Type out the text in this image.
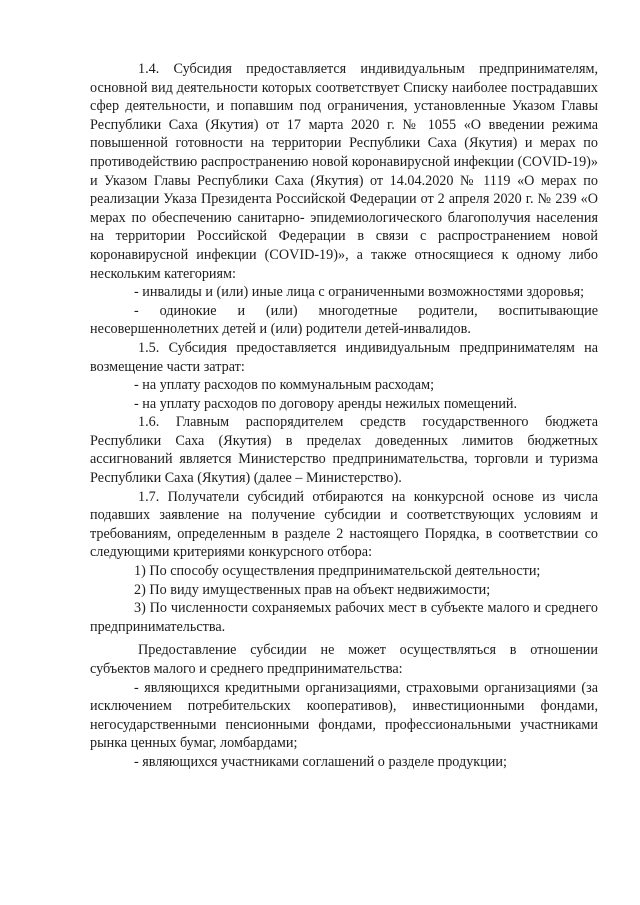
1.4. Субсидия предоставляется индивидуальным предпринимателям, основной вид деятельности которых соответствует Списку наиболее пострадавших сфер деятельности, и попавшим под ограничения, установленные Указом Главы Республики Саха (Якутия) от 17 марта 2020 г. № 1055 «О введении режима повышенной готовности на территории Республики Саха (Якутия) и мерах по противодействию распространению новой коронавирусной инфекции (COVID-19)» и Указом Главы Республики Саха (Якутия) от 14.04.2020 № 1119 «О мерах по реализации Указа Президента Российской Федерации от 2 апреля 2020 г. № 239 «О мерах по обеспечению санитарно- эпидемиологического благополучия населения на территории Российской Федерации в связи с распространением новой коронавирусной инфекции (COVID-19)», а также относящиеся к одному либо нескольким категориям:

- инвалиды и (или) иные лица с ограниченными возможностями здоровья;

- одинокие и (или) многодетные родители, воспитывающие несовершеннолетних детей и (или) родители детей-инвалидов.

1.5. Субсидия предоставляется индивидуальным предпринимателям на возмещение части затрат:

- на уплату расходов по коммунальным расходам;

- на уплату расходов по договору аренды нежилых помещений.

1.6. Главным распорядителем средств государственного бюджета Республики Саха (Якутия) в пределах доведенных лимитов бюджетных ассигнований является Министерство предпринимательства, торговли и туризма Республики Саха (Якутия) (далее – Министерство).

1.7. Получатели субсидий отбираются на конкурсной основе из числа подавших заявление на получение субсидии и соответствующих условиям и требованиям, определенным в разделе 2 настоящего Порядка, в соответствии со следующими критериями конкурсного отбора:

1) По способу осуществления предпринимательской деятельности;

2) По виду имущественных прав на объект недвижимости;

3) По численности сохраняемых рабочих мест в субъекте малого и среднего предпринимательства.

Предоставление субсидии не может осуществляться в отношении субъектов малого и среднего предпринимательства:

- являющихся кредитными организациями, страховыми организациями (за исключением потребительских кооперативов), инвестиционными фондами, негосударственными пенсионными фондами, профессиональными участниками рынка ценных бумаг, ломбардами;

- являющихся участниками соглашений о разделе продукции;
